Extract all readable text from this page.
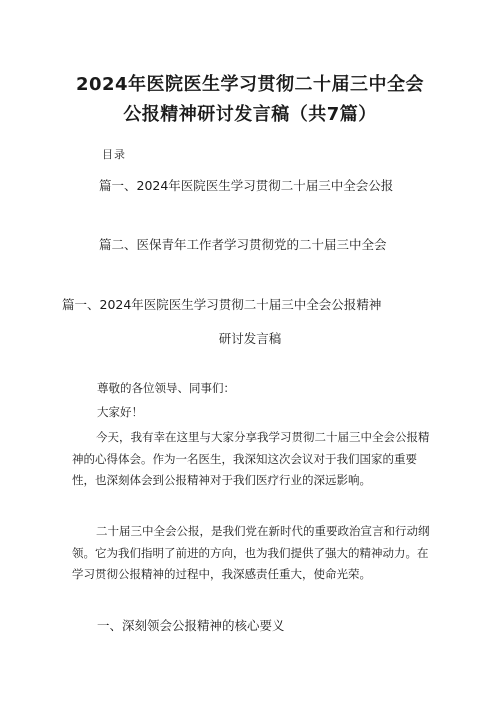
2024年医院医生学习贯彻二十届三中全会
公报精神研讨发言稿（共7篇）
目录
篇一、2024年医院医生学习贯彻二十届三中全会公报
篇二、医保青年工作者学习贯彻党的二十届三中全会
篇一、2024年医院医生学习贯彻二十届三中全会公报精神
研讨发言稿
尊敬的各位领导、同事们：
大家好！

今天，我有幸在这里与大家分享我学习贯彻二十届三中全会公报精神的心得体会。作为一名医生，我深知这次会议对于我们国家的重要性，也深刻体会到公报精神对于我们医疗行业的深远影响。

二十届三中全会公报，是我们党在新时代的重要政治宣言和行动纲领。它为我们指明了前进的方向，也为我们提供了强大的精神动力。在学习贯彻公报精神的过程中，我深感责任重大，使命光荣。

一、深刻领会公报精神的核心要义
